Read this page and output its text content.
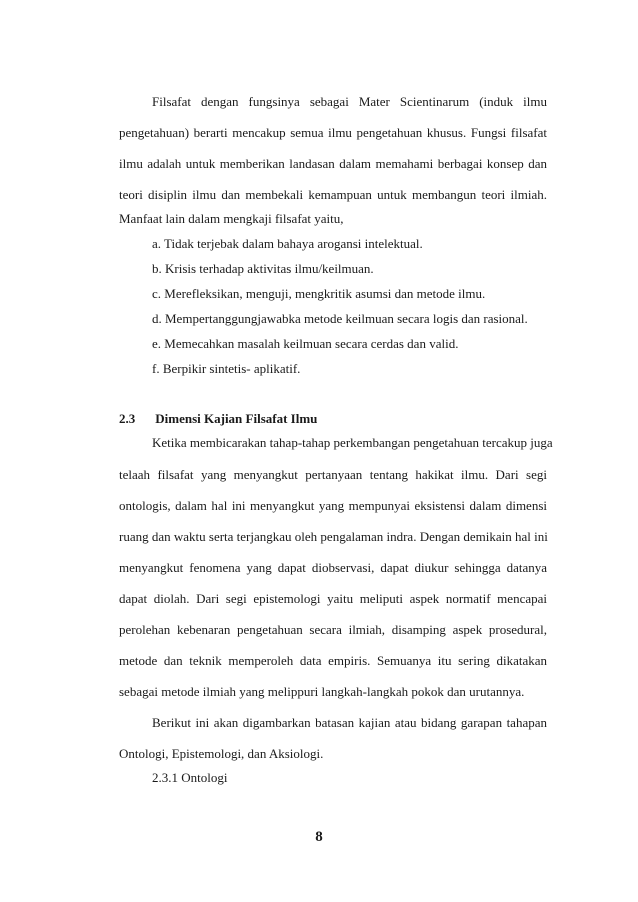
Filsafat dengan fungsinya sebagai Mater Scientinarum (induk ilmu
pengetahuan) berarti mencakup semua ilmu pengetahuan khusus. Fungsi filsafat
ilmu adalah untuk memberikan landasan dalam memahami berbagai konsep dan
teori disiplin ilmu dan membekali kemampuan untuk membangun teori ilmiah.
Manfaat lain dalam mengkaji filsafat yaitu,
a. Tidak terjebak dalam bahaya arogansi intelektual.
b. Krisis terhadap aktivitas ilmu/keilmuan.
c. Merefleksikan, menguji, mengkritik asumsi dan metode ilmu.
d. Mempertanggungjawabka metode keilmuan secara logis dan rasional.
e. Memecahkan masalah keilmuan secara cerdas dan valid.
f. Berpikir sintetis- aplikatif.
2.3 Dimensi Kajian Filsafat Ilmu
Ketika membicarakan tahap-tahap perkembangan pengetahuan tercakup juga
telaah filsafat yang menyangkut pertanyaan tentang hakikat ilmu. Dari segi
ontologis, dalam hal ini menyangkut yang mempunyai eksistensi dalam dimensi
ruang dan waktu serta terjangkau oleh pengalaman indra. Dengan demikain hal ini
menyangkut fenomena yang dapat diobservasi, dapat diukur sehingga datanya
dapat diolah. Dari segi epistemologi yaitu meliputi aspek normatif mencapai
perolehan kebenaran pengetahuan secara ilmiah, disamping aspek prosedural,
metode dan teknik memperoleh data empiris. Semuanya itu sering dikatakan
sebagai metode ilmiah yang melippuri langkah-langkah pokok dan urutannya.
Berikut ini akan digambarkan batasan kajian atau bidang garapan tahapan
Ontologi, Epistemologi, dan Aksiologi.
2.3.1 Ontologi
8
